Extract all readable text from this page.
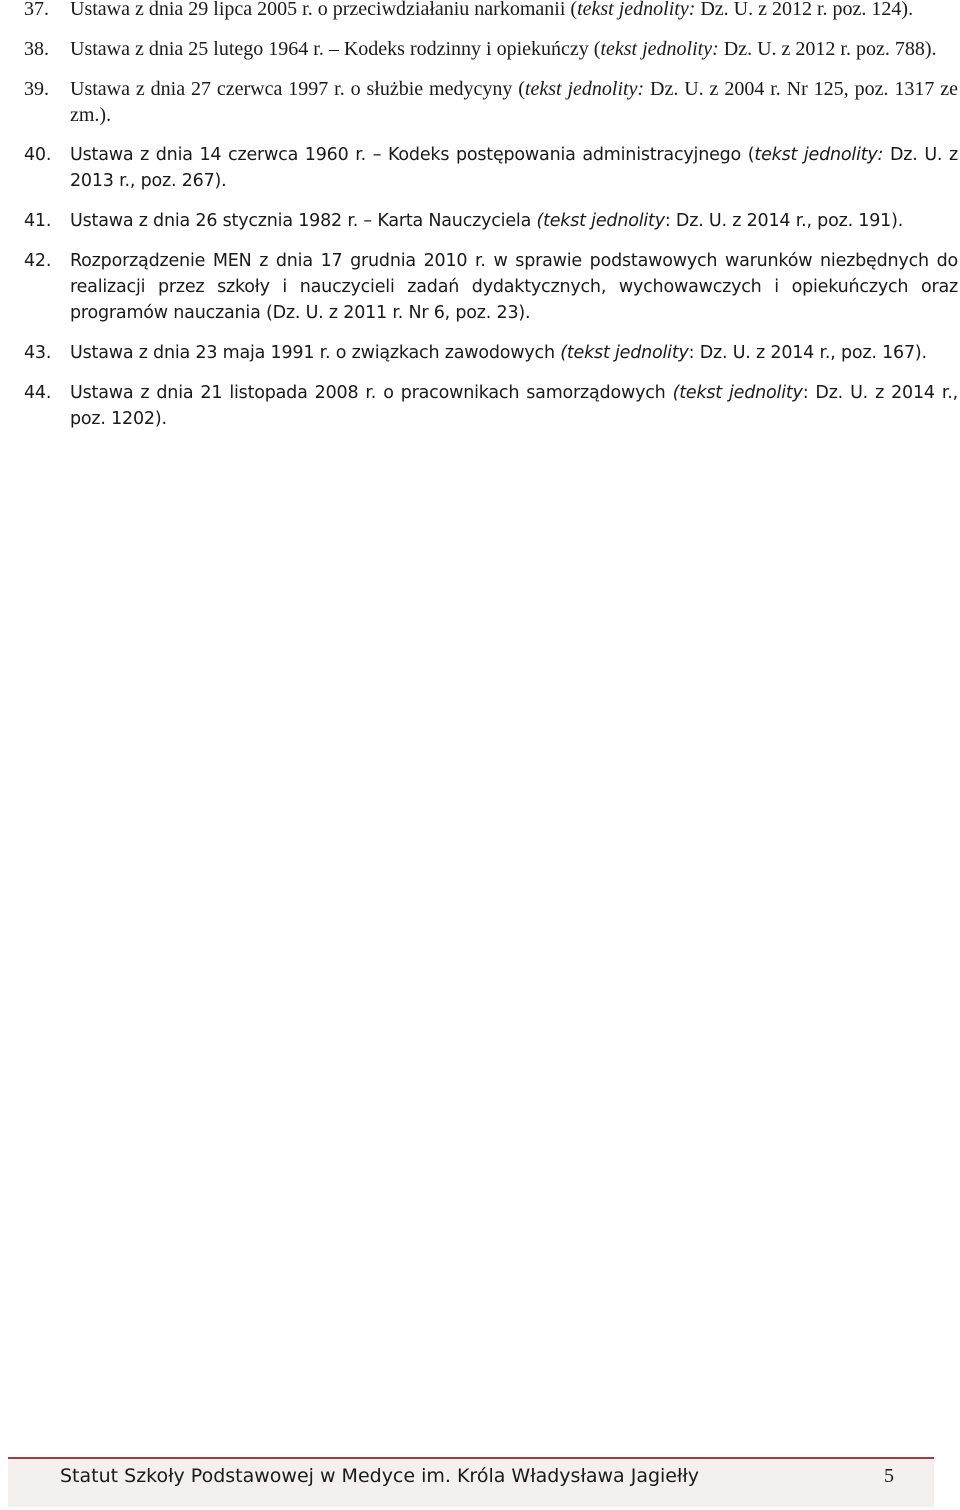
37. Ustawa z dnia 29 lipca 2005 r. o przeciwdziałaniu narkomanii (tekst jednolity: Dz. U. z 2012 r. poz. 124).
38. Ustawa z dnia 25 lutego 1964 r. – Kodeks rodzinny i opiekuńczy (tekst jednolity: Dz. U. z 2012 r. poz. 788).
39. Ustawa z dnia 27 czerwca 1997 r. o służbie medycyny (tekst jednolity: Dz. U. z 2004 r. Nr 125, poz. 1317 ze zm.).
40. Ustawa z dnia 14 czerwca 1960 r. – Kodeks postępowania administracyjnego (tekst jednolity: Dz. U. z 2013 r., poz. 267).
41. Ustawa z dnia 26 stycznia 1982 r. – Karta Nauczyciela (tekst jednolity: Dz. U. z 2014 r., poz. 191).
42. Rozporządzenie MEN z dnia 17 grudnia 2010 r. w sprawie podstawowych warunków niezbędnych do realizacji przez szkoły i nauczycieli zadań dydaktycznych, wychowawczych i opiekuńczych oraz programów nauczania (Dz. U. z 2011 r. Nr 6, poz. 23).
43. Ustawa z dnia 23 maja 1991 r. o związkach zawodowych (tekst jednolity: Dz. U. z 2014 r., poz. 167).
44. Ustawa z dnia 21 listopada 2008 r. o pracownikach samorządowych (tekst jednolity: Dz. U. z 2014 r., poz. 1202).
Statut Szkoły Podstawowej w Medyce im. Króla Władysława Jagiełły	5
